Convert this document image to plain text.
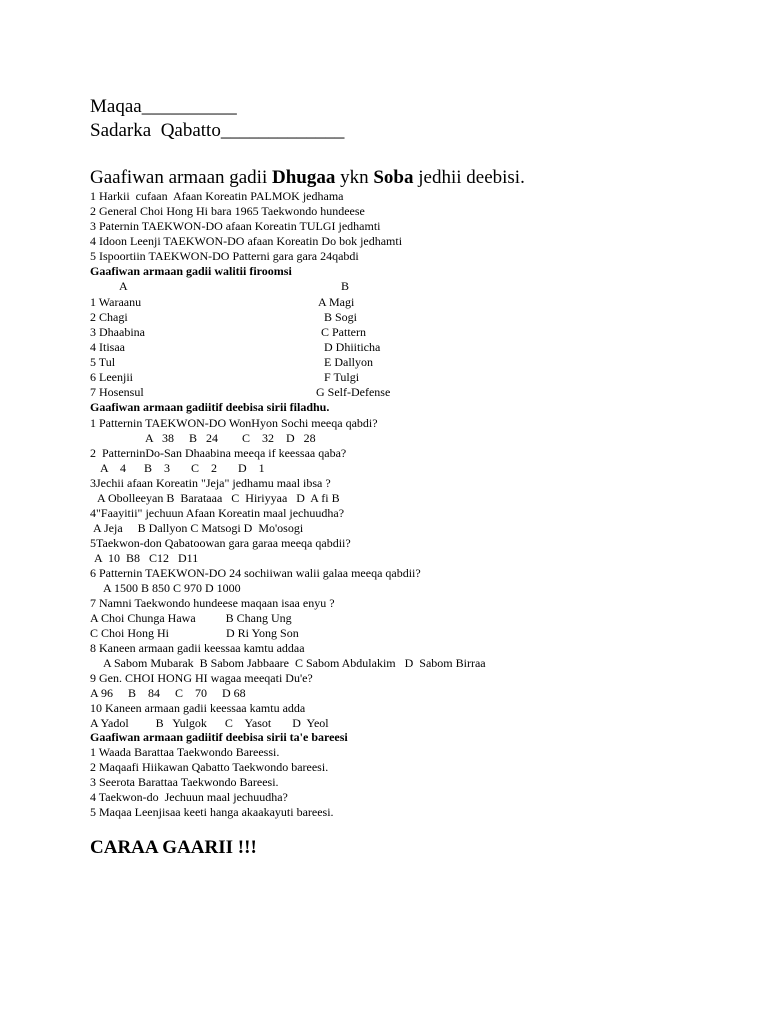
Maqaa__________
Sadarka  Qabatto_____________
Gaafiwan armaan gadii Dhugaa ykn Soba jedhii deebisi.
1 Harkii  cufaan  Afaan Koreatin PALMOK jedhama
2 General Choi Hong Hi bara 1965 Taekwondo hundeese
3 Paternin TAEKWON-DO afaan Koreatin TULGI jedhamti
4 Idoon Leenji TAEKWON-DO afaan Koreatin Do bok jedhamti
5 Ispoortiin TAEKWON-DO Patterni gara gara 24qabdi
Gaafiwan armaan gadii walitii firoomsi
A	B
1 Waraanu
2 Chagi
3 Dhaabina
4 Itisaa
5 Tul
6 Leenjii
7 Hosensul
A Magi
B Sogi
C Pattern
D Dhiiticha
E Dallyon
F Tulgi
G Self-Defense
Gaafiwan armaan gadiitif deebisa sirii filadhu.
1 Patternin TAEKWON-DO WonHyon Sochi meeqa qabdi?
A   38     B   24        C    32    D   28
2  PatterninDo-San Dhaabina meeqa if keessaa qaba?
A    4      B    3       C    2       D    1
3Jechii afaan Koreatin "Jeja" jedhamu maal ibsa ?
A Obolleeyan B  Barataaa   C  Hiriyyaa   D  A fi B
4"Faayitii" jechuun Afaan Koreatin maal jechuudha?
A Jeja     B Dallyon C Matsogi D  Mo'osogi
5Taekwon-don Qabatoowan gara garaa meeqa qabdii?
A  10  B8   C12   D11
6 Patternin TAEKWON-DO 24 sochiiwan walii galaa meeqa qabdii?
A 1500 B 850 C 970 D 1000
7 Namni Taekwondo hundeese maqaan isaa enyu ?
A Choi Chunga Hawa          B Chang Ung
C Choi Hong Hi                   D Ri Yong Son
8 Kaneen armaan gadii keessaa kamtu addaa
A Sabom Mubarak  B Sabom Jabbaare  C Sabom Abdulakim   D  Sabom Birraa
9 Gen. CHOI HONG HI wagaa meeqati Du'e?
A 96     B    84     C    70     D 68
10 Kaneen armaan gadii keessaa kamtu adda
A Yadol         B   Yulgok      C    Yasot       D  Yeol
Gaafiwan armaan gadiitif deebisa sirii ta'e bareesi
1 Waada Barattaa Taekwondo Bareessi.
2 Maqaafi Hiikawan Qabatto Taekwondo bareesi.
3 Seerota Barattaa Taekwondo Bareesi.
4 Taekwon-do  Jechuun maal jechuudha?
5 Maqaa Leenjisaa keeti hanga akaakayuti bareesi.
CARAA GAARII !!!
